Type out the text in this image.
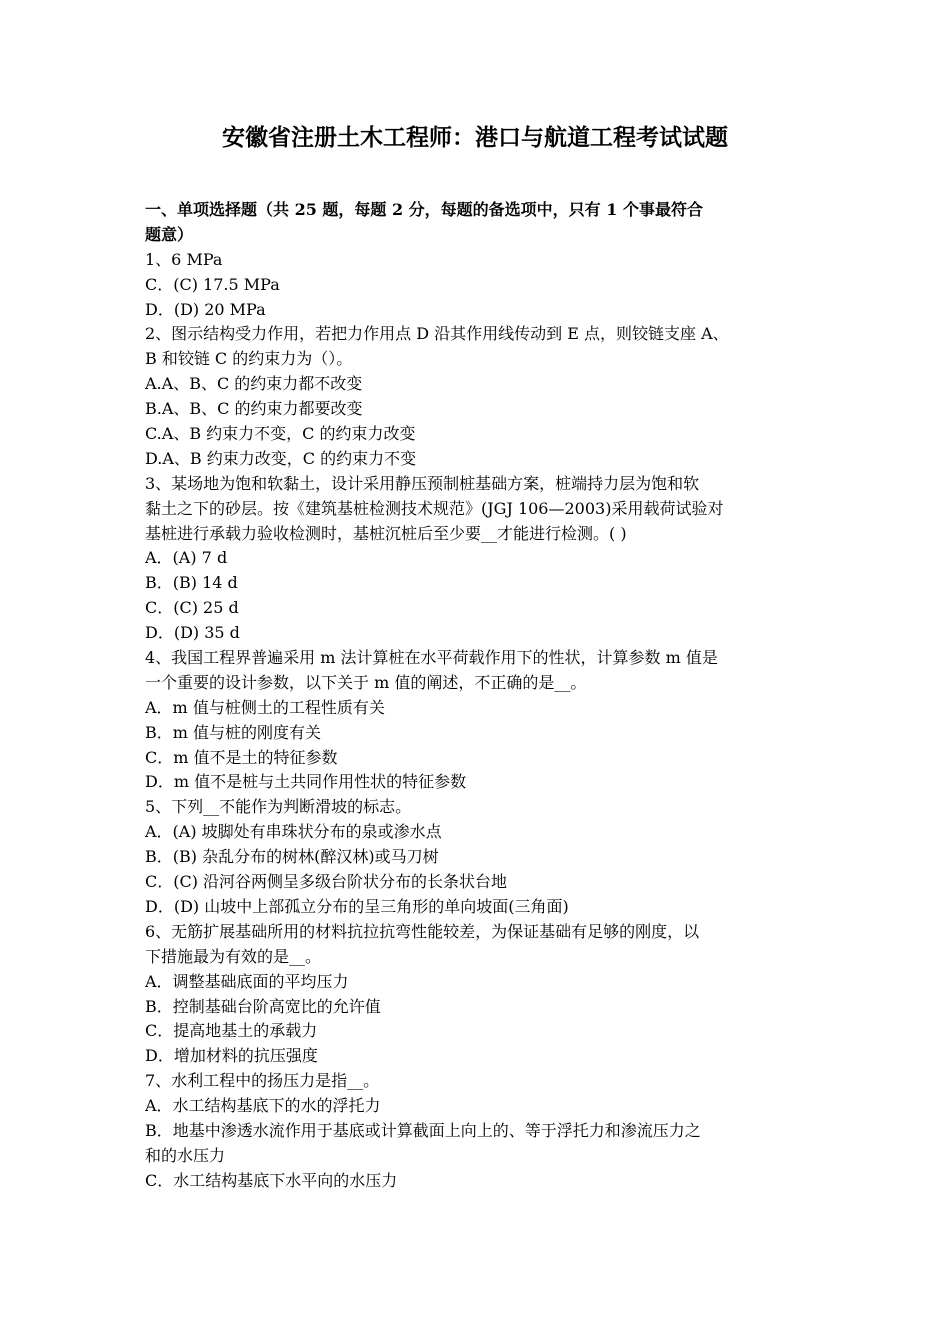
安徽省注册土木工程师：港口与航道工程考试试题
一、单项选择题（共 25 题，每题 2 分，每题的备选项中，只有 1 个事最符合
题意）
1、6 MPa
C．(C) 17.5 MPa
D．(D) 20 MPa
2、图示结构受力作用，若把力作用点 D 沿其作用线传动到 E 点，则铰链支座 A、
B 和铰链 C 的约束力为（）。
A.A、B、C 的约束力都不改变
B.A、B、C 的约束力都要改变
C.A、B 约束力不变，C 的约束力改变
D.A、B 约束力改变，C 的约束力不变
3、某场地为饱和软黏土，设计采用静压预制桩基础方案，桩端持力层为饱和软
黏土之下的砂层。按《建筑基桩检测技术规范》(JGJ 106—2003)采用载荷试验对
基桩进行承载力验收检测时，基桩沉桩后至少要__才能进行检测。( )
A．(A) 7 d
B．(B) 14 d
C．(C) 25 d
D．(D) 35 d
4、我国工程界普遍采用 m 法计算桩在水平荷载作用下的性状，计算参数 m 值是
一个重要的设计参数，以下关于 m 值的阐述，不正确的是__。
A．m 值与桩侧土的工程性质有关
B．m 值与桩的刚度有关
C．m 值不是土的特征参数
D．m 值不是桩与土共同作用性状的特征参数
5、下列__不能作为判断滑坡的标志。
A．(A) 坡脚处有串珠状分布的泉或渗水点
B．(B) 杂乱分布的树林(醉汉林)或马刀树
C．(C) 沿河谷两侧呈多级台阶状分布的长条状台地
D．(D) 山坡中上部孤立分布的呈三角形的单向坡面(三角面)
6、无筋扩展基础所用的材料抗拉抗弯性能较差，为保证基础有足够的刚度，以
下措施最为有效的是__。
A．调整基础底面的平均压力
B．控制基础台阶高宽比的允许值
C．提高地基土的承载力
D．增加材料的抗压强度
7、水利工程中的扬压力是指__。
A．水工结构基底下的水的浮托力
B．地基中渗透水流作用于基底或计算截面上向上的、等于浮托力和渗流压力之
和的水压力
C．水工结构基底下水平向的水压力
